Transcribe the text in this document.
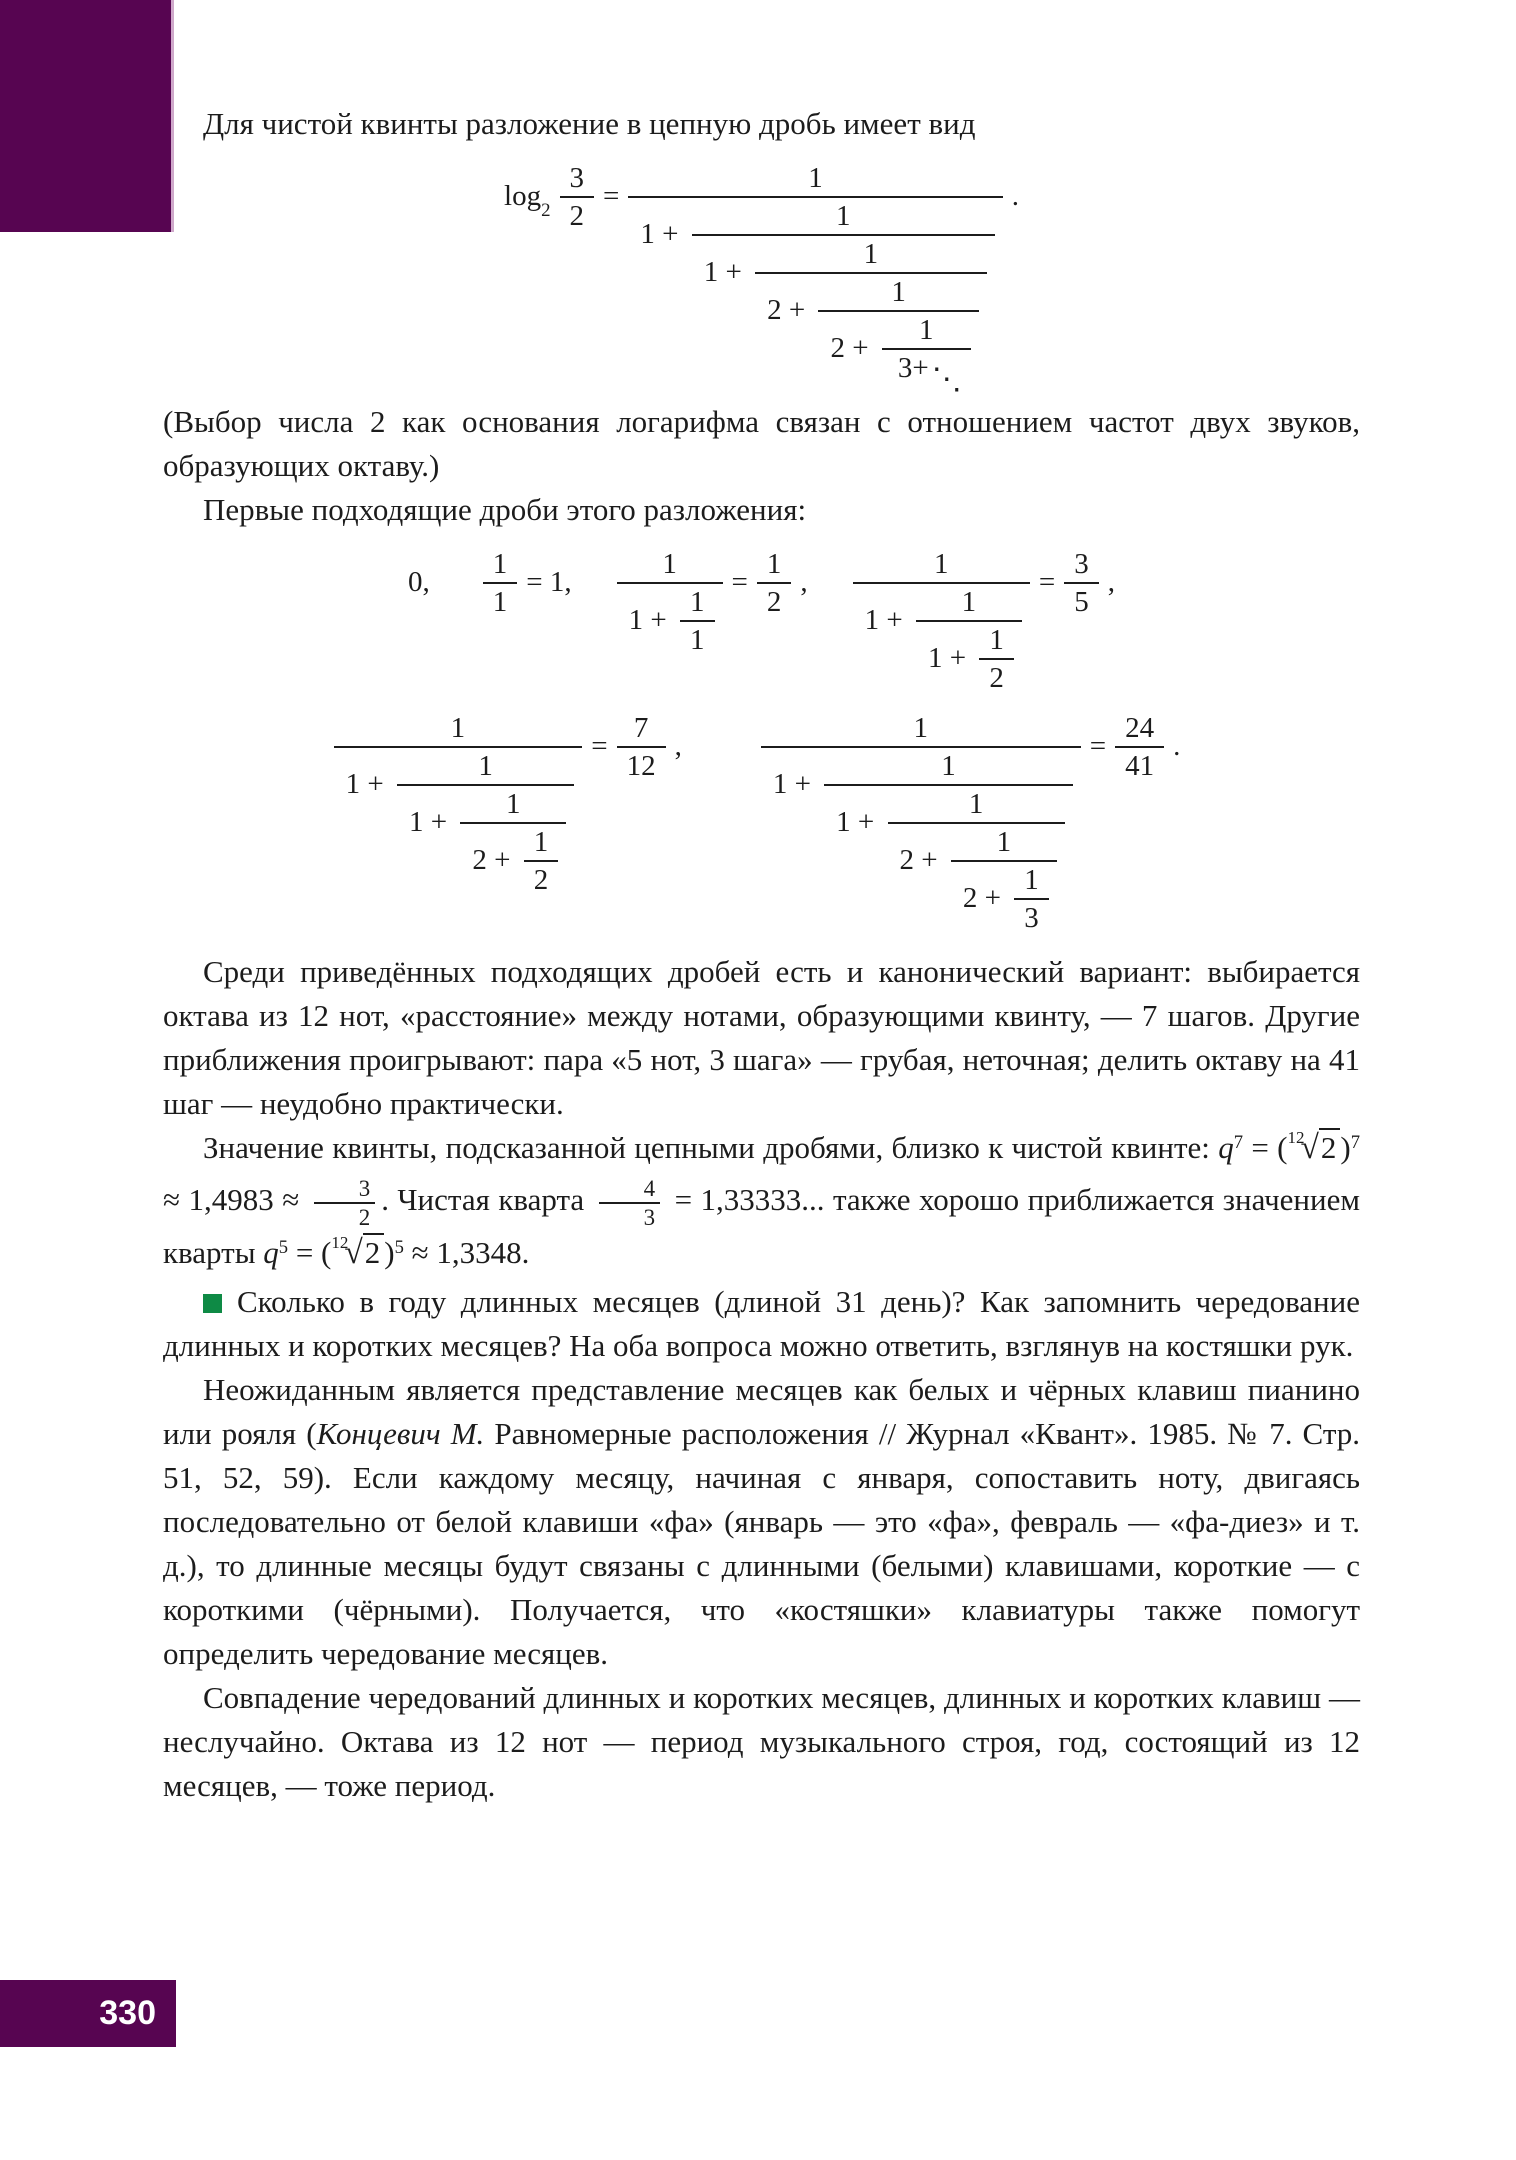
Для чистой квинты разложение в цепную дробь имеет вид

$\log_2 \frac{3}{2} = \frac{1}{1 + \frac{1}{1 + \frac{1}{2 + \frac{1}{2 + \frac{1}{3+ ⋱}}}}}$ .

(Выбор числа 2 как основания логарифма связан с отношением частот двух звуков, образующих октаву.)

Первые подходящие дроби этого разложения:

0, $\frac{1}{1} = 1$, $\frac{1}{1 + \frac{1}{1}} = \frac{1}{2}$ , $\frac{1}{1 + \frac{1}{1 + \frac{1}{2}}} = \frac{3}{5}$ ,
$\frac{1}{1 + \frac{1}{1 + \frac{1}{2 + \frac{1}{2}}}} = \frac{7}{12}$ ,	$\frac{1}{1 + \frac{1}{1 + \frac{1}{2 + \frac{1}{2 + \frac{1}{3}}}}} = \frac{24}{41}$ .

Среди приведённых подходящих дробей есть и канонический вариант: выбирается октава из 12 нот, «расстояние» между нотами, образующими квинту, — 7 шагов. Другие приближения проигрывают: пара «5 нот, 3 шага» — грубая, неточная; делить октаву на 41 шаг — неудобно практически.

Значение квинты, подсказанной цепными дробями, близко к чистой квинте: $q^7 = (^{12}√2$ )$^7 \approx 1,4983 \approx \frac{3}{2}$ . Чистая кварта $\frac{4}{3} = 1,33333$... также хорошо приближается значением кварты $q^5 = (^{12}√2$ )$^5$ ≈ 1,3348.

Сколько в году длинных месяцев (длиной 31 день)? Как запомнить чередование длинных и коротких месяцев? На оба вопроса можно ответить, взглянув на костяшки рук.

Неожиданным является представление месяцев как белых и чёрных клавиш пианино или рояля (Концевич М. Равномерные расположения // Журнал «Квант». 1985. № 7. Стр. 51, 52, 59). Если каждому месяцу, начиная с января, сопоставить ноту, двигаясь последовательно от белой клавиши «фа» (январь — это «фа», февраль — «фа-диез» и т. д.), то длинные месяцы будут связаны с длинными (белыми) клавишами, короткие — с короткими (чёрными). Получается, что «костяшки» клавиатуры также помогут определить чередование месяцев.

Совпадение чередований длинных и коротких месяцев, длинных и коротких клавиш — неслучайно. Октава из 12 нот — период музыкального строя, год, состоящий из 12 месяцев, — тоже период.

330
